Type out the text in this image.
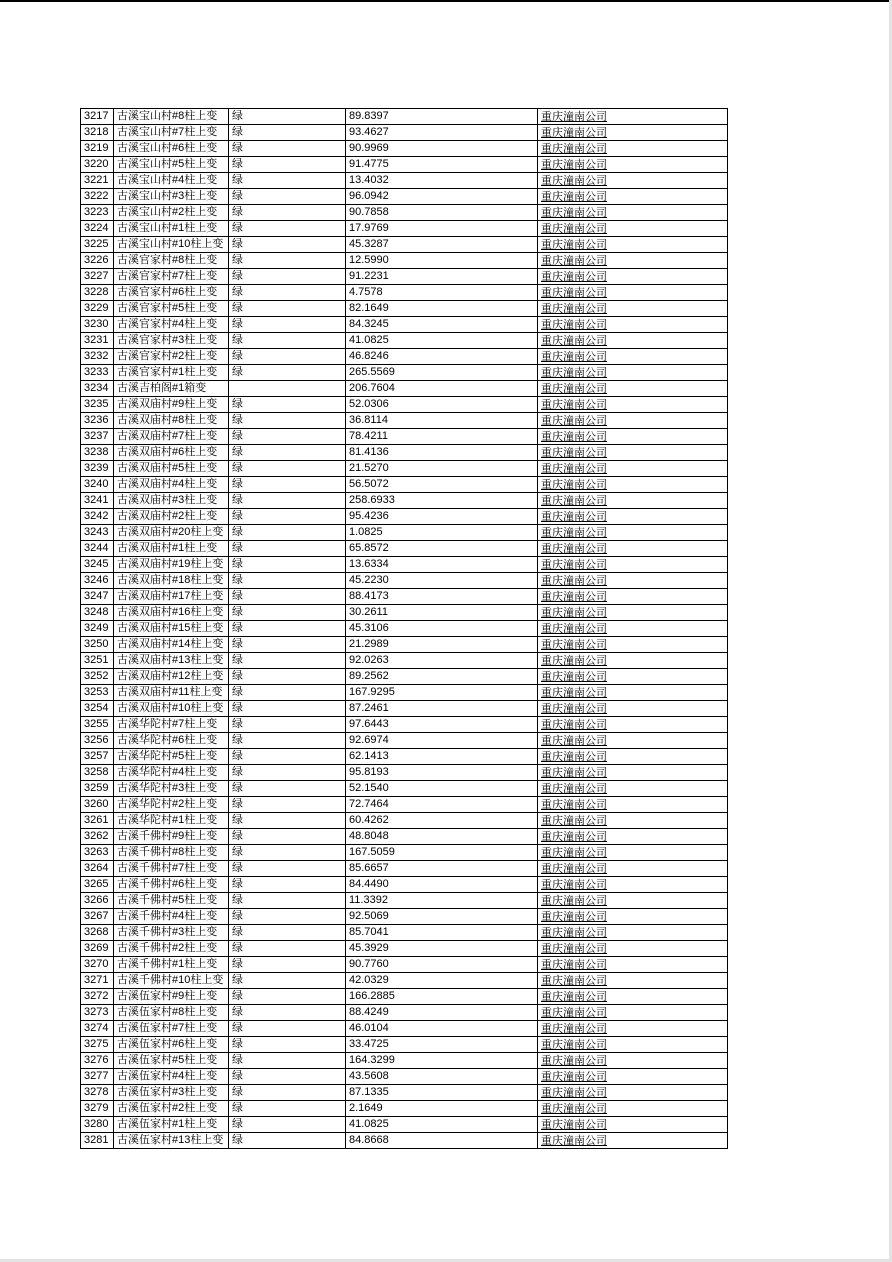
3217	古溪宝山村#8柱上变	绿	89.8397	重庆潼南公司
3218	古溪宝山村#7柱上变	绿	93.4627	重庆潼南公司
3219	古溪宝山村#6柱上变	绿	90.9969	重庆潼南公司
3220	古溪宝山村#5柱上变	绿	91.4775	重庆潼南公司
3221	古溪宝山村#4柱上变	绿	13.4032	重庆潼南公司
3222	古溪宝山村#3柱上变	绿	96.0942	重庆潼南公司
3223	古溪宝山村#2柱上变	绿	90.7858	重庆潼南公司
3224	古溪宝山村#1柱上变	绿	17.9769	重庆潼南公司
3225	古溪宝山村#10柱上变	绿	45.3287	重庆潼南公司
3226	古溪官家村#8柱上变	绿	12.5990	重庆潼南公司
3227	古溪官家村#7柱上变	绿	91.2231	重庆潼南公司
3228	古溪官家村#6柱上变	绿	4.7578	重庆潼南公司
3229	古溪官家村#5柱上变	绿	82.1649	重庆潼南公司
3230	古溪官家村#4柱上变	绿	84.3245	重庆潼南公司
3231	古溪官家村#3柱上变	绿	41.0825	重庆潼南公司
3232	古溪官家村#2柱上变	绿	46.8246	重庆潼南公司
3233	古溪官家村#1柱上变	绿	265.5569	重庆潼南公司
3234	古溪吉柏阁#1箱变		206.7604	重庆潼南公司
3235	古溪双庙村#9柱上变	绿	52.0306	重庆潼南公司
3236	古溪双庙村#8柱上变	绿	36.8114	重庆潼南公司
3237	古溪双庙村#7柱上变	绿	78.4211	重庆潼南公司
3238	古溪双庙村#6柱上变	绿	81.4136	重庆潼南公司
3239	古溪双庙村#5柱上变	绿	21.5270	重庆潼南公司
3240	古溪双庙村#4柱上变	绿	56.5072	重庆潼南公司
3241	古溪双庙村#3柱上变	绿	258.6933	重庆潼南公司
3242	古溪双庙村#2柱上变	绿	95.4236	重庆潼南公司
3243	古溪双庙村#20柱上变	绿	1.0825	重庆潼南公司
3244	古溪双庙村#1柱上变	绿	65.8572	重庆潼南公司
3245	古溪双庙村#19柱上变	绿	13.6334	重庆潼南公司
3246	古溪双庙村#18柱上变	绿	45.2230	重庆潼南公司
3247	古溪双庙村#17柱上变	绿	88.4173	重庆潼南公司
3248	古溪双庙村#16柱上变	绿	30.2611	重庆潼南公司
3249	古溪双庙村#15柱上变	绿	45.3106	重庆潼南公司
3250	古溪双庙村#14柱上变	绿	21.2989	重庆潼南公司
3251	古溪双庙村#13柱上变	绿	92.0263	重庆潼南公司
3252	古溪双庙村#12柱上变	绿	89.2562	重庆潼南公司
3253	古溪双庙村#11柱上变	绿	167.9295	重庆潼南公司
3254	古溪双庙村#10柱上变	绿	87.2461	重庆潼南公司
3255	古溪华陀村#7柱上变	绿	97.6443	重庆潼南公司
3256	古溪华陀村#6柱上变	绿	92.6974	重庆潼南公司
3257	古溪华陀村#5柱上变	绿	62.1413	重庆潼南公司
3258	古溪华陀村#4柱上变	绿	95.8193	重庆潼南公司
3259	古溪华陀村#3柱上变	绿	52.1540	重庆潼南公司
3260	古溪华陀村#2柱上变	绿	72.7464	重庆潼南公司
3261	古溪华陀村#1柱上变	绿	60.4262	重庆潼南公司
3262	古溪千佛村#9柱上变	绿	48.8048	重庆潼南公司
3263	古溪千佛村#8柱上变	绿	167.5059	重庆潼南公司
3264	古溪千佛村#7柱上变	绿	85.6657	重庆潼南公司
3265	古溪千佛村#6柱上变	绿	84.4490	重庆潼南公司
3266	古溪千佛村#5柱上变	绿	11.3392	重庆潼南公司
3267	古溪千佛村#4柱上变	绿	92.5069	重庆潼南公司
3268	古溪千佛村#3柱上变	绿	85.7041	重庆潼南公司
3269	古溪千佛村#2柱上变	绿	45.3929	重庆潼南公司
3270	古溪千佛村#1柱上变	绿	90.7760	重庆潼南公司
3271	古溪千佛村#10柱上变	绿	42.0329	重庆潼南公司
3272	古溪伍家村#9柱上变	绿	166.2885	重庆潼南公司
3273	古溪伍家村#8柱上变	绿	88.4249	重庆潼南公司
3274	古溪伍家村#7柱上变	绿	46.0104	重庆潼南公司
3275	古溪伍家村#6柱上变	绿	33.4725	重庆潼南公司
3276	古溪伍家村#5柱上变	绿	164.3299	重庆潼南公司
3277	古溪伍家村#4柱上变	绿	43.5608	重庆潼南公司
3278	古溪伍家村#3柱上变	绿	87.1335	重庆潼南公司
3279	古溪伍家村#2柱上变	绿	2.1649	重庆潼南公司
3280	古溪伍家村#1柱上变	绿	41.0825	重庆潼南公司
3281	古溪伍家村#13柱上变	绿	84.8668	重庆潼南公司
